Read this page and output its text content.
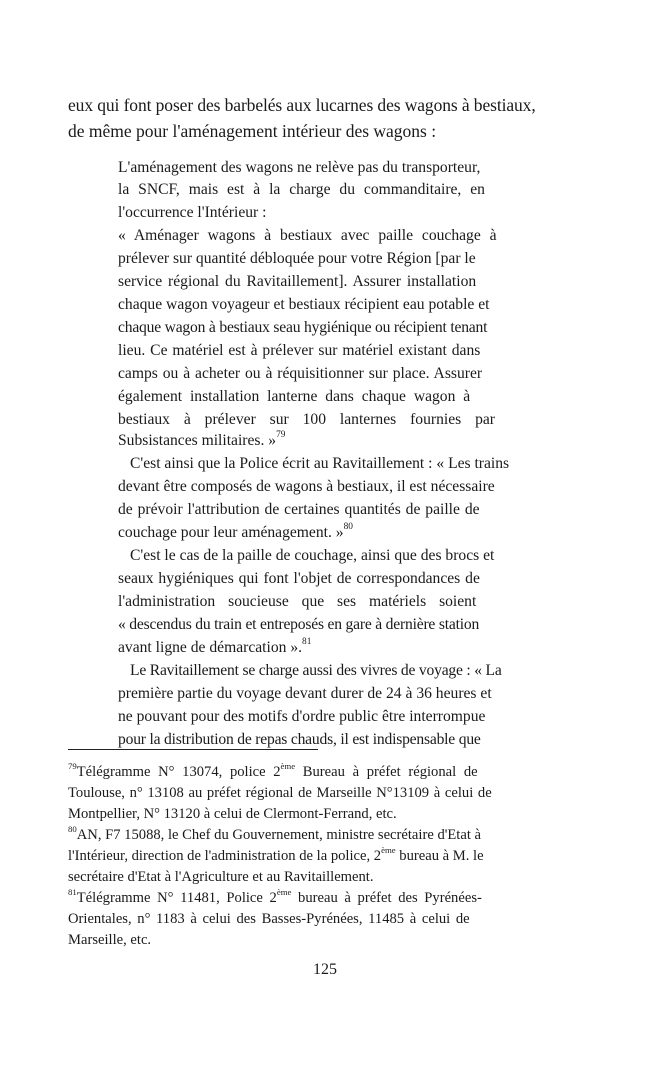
eux qui font poser des barbelés aux lucarnes des wagons à bestiaux,
de même pour l'aménagement intérieur des wagons :
L'aménagement des wagons ne relève pas du transporteur,
la SNCF, mais est à la charge du commanditaire, en
l'occurrence l'Intérieur :
« Aménager wagons à bestiaux avec paille couchage à
prélever sur quantité débloquée pour votre Région [par le
service régional du Ravitaillement]. Assurer installation
chaque wagon voyageur et bestiaux récipient eau potable et
chaque wagon à bestiaux seau hygiénique ou récipient tenant
lieu. Ce matériel est à prélever sur matériel existant dans
camps ou à acheter ou à réquisitionner sur place. Assurer
également installation lanterne dans chaque wagon à
bestiaux à prélever sur 100 lanternes fournies par
Subsistances militaires. »$^{79}$
C'est ainsi que la Police écrit au Ravitaillement : « Les trains
devant être composés de wagons à bestiaux, il est nécessaire
de prévoir l'attribution de certaines quantités de paille de
couchage pour leur aménagement. »$^{80}$
C'est le cas de la paille de couchage, ainsi que des brocs et
seaux hygiéniques qui font l'objet de correspondances de
l'administration soucieuse que ses matériels soient
« descendus du train et entreposés en gare à dernière station
avant ligne de démarcation ».$^{81}$
Le Ravitaillement se charge aussi des vivres de voyage : « La
première partie du voyage devant durer de 24 à 36 heures et
ne pouvant pour des motifs d'ordre public être interrompue
pour la distribution de repas chauds, il est indispensable que
$^{79}$Télégramme N° 13074, police 2ème Bureau à préfet régional de
Toulouse, n° 13108 au préfet régional de Marseille N°13109 à celui de
Montpellier, N° 13120 à celui de Clermont-Ferrand, etc.
$^{80}$AN, F7 15088, le Chef du Gouvernement, ministre secrétaire d'Etat à
l'Intérieur, direction de l'administration de la police, 2ème bureau à M. le
secrétaire d'Etat à l'Agriculture et au Ravitaillement.
$^{81}$Télégramme N° 11481, Police 2ème bureau à préfet des Pyrénées-
Orientales, n° 1183 à celui des Basses-Pyrénées, 11485 à celui de
Marseille, etc.
125
